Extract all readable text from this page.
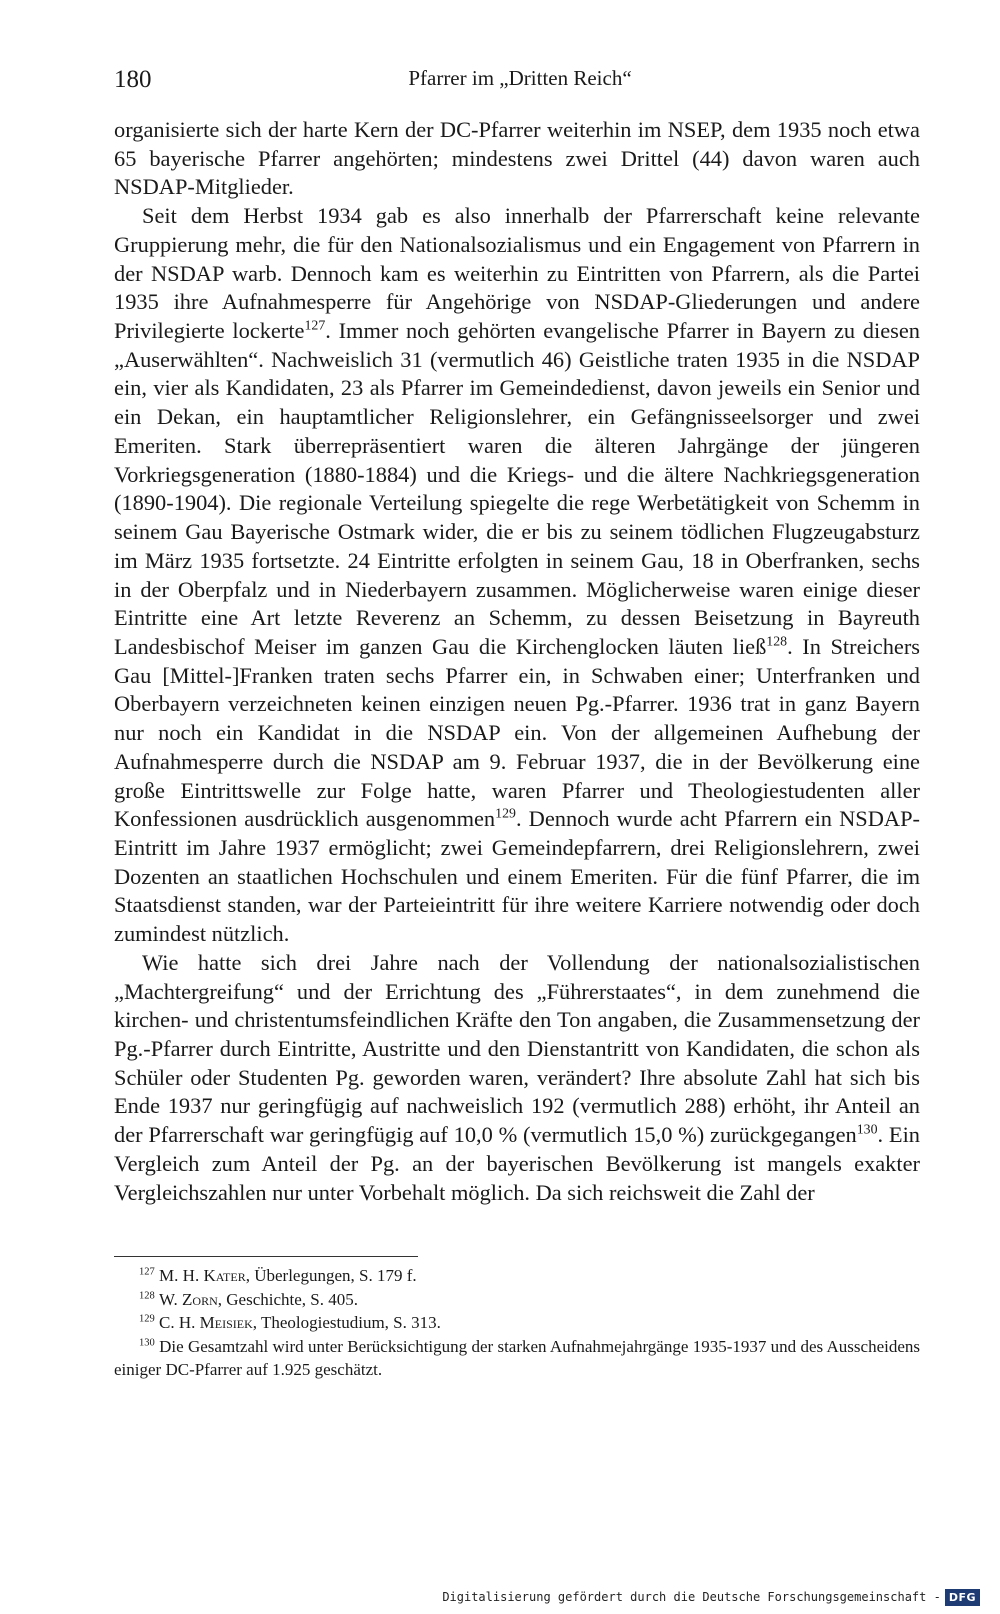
180	Pfarrer im „Dritten Reich“

organisierte sich der harte Kern der DC-Pfarrer weiterhin im NSEP, dem 1935 noch etwa 65 bayerische Pfarrer angehörten; mindestens zwei Drittel (44) davon waren auch NSDAP-Mitglieder.

Seit dem Herbst 1934 gab es also innerhalb der Pfarrerschaft keine relevante Gruppierung mehr, die für den Nationalsozialismus und ein Engagement von Pfarrern in der NSDAP warb. Dennoch kam es weiterhin zu Eintritten von Pfarrern, als die Partei 1935 ihre Aufnahmesperre für Angehörige von NSDAP-Gliederungen und andere Privilegierte lockerte$^{127}$. Immer noch gehörten evangelische Pfarrer in Bayern zu diesen „Auserwählten“. Nachweislich 31 (vermutlich 46) Geistliche traten 1935 in die NSDAP ein, vier als Kandidaten, 23 als Pfarrer im Gemeindedienst, davon jeweils ein Senior und ein Dekan, ein hauptamtlicher Religionslehrer, ein Gefängnisseelsorger und zwei Emeriten. Stark überrepräsentiert waren die älteren Jahrgänge der jüngeren Vorkriegsgeneration (1880-1884) und die Kriegs- und die ältere Nachkriegsgeneration (1890-1904). Die regionale Verteilung spiegelte die rege Werbetätigkeit von Schemm in seinem Gau Bayerische Ostmark wider, die er bis zu seinem tödlichen Flugzeugabsturz im März 1935 fortsetzte. 24 Eintritte erfolgten in seinem Gau, 18 in Oberfranken, sechs in der Oberpfalz und in Niederbayern zusammen. Möglicherweise waren einige dieser Eintritte eine Art letzte Reverenz an Schemm, zu dessen Beisetzung in Bayreuth Landesbischof Meiser im ganzen Gau die Kirchenglocken läuten ließ$^{128}$. In Streichers Gau [Mittel-]Franken traten sechs Pfarrer ein, in Schwaben einer; Unterfranken und Oberbayern verzeichneten keinen einzigen neuen Pg.-Pfarrer. 1936 trat in ganz Bayern nur noch ein Kandidat in die NSDAP ein. Von der allgemeinen Aufhebung der Aufnahmesperre durch die NSDAP am 9. Februar 1937, die in der Bevölkerung eine große Eintrittswelle zur Folge hatte, waren Pfarrer und Theologiestudenten aller Konfessionen ausdrücklich ausgenommen$^{129}$. Dennoch wurde acht Pfarrern ein NSDAP-Eintritt im Jahre 1937 ermöglicht; zwei Gemeindepfarrern, drei Religionslehrern, zwei Dozenten an staatlichen Hochschulen und einem Emeriten. Für die fünf Pfarrer, die im Staatsdienst standen, war der Parteieintritt für ihre weitere Karriere notwendig oder doch zumindest nützlich.

Wie hatte sich drei Jahre nach der Vollendung der nationalsozialistischen „Machtergreifung“ und der Errichtung des „Führerstaates“, in dem zunehmend die kirchen- und christentumsfeindlichen Kräfte den Ton angaben, die Zusammensetzung der Pg.-Pfarrer durch Eintritte, Austritte und den Dienstantritt von Kandidaten, die schon als Schüler oder Studenten Pg. geworden waren, verändert? Ihre absolute Zahl hat sich bis Ende 1937 nur geringfügig auf nachweislich 192 (vermutlich 288) erhöht, ihr Anteil an der Pfarrerschaft war geringfügig auf 10,0 % (vermutlich 15,0 %) zurückgegangen$^{130}$. Ein Vergleich zum Anteil der Pg. an der bayerischen Bevölkerung ist mangels exakter Vergleichszahlen nur unter Vorbehalt möglich. Da sich reichsweit die Zahl der

$^{127}$ M. H. Kater, Überlegungen, S. 179 f.

$^{128}$ W. Zorn, Geschichte, S. 405.

$^{129}$ C. H. Meisiek, Theologiestudium, S. 313.

$^{130}$ Die Gesamtzahl wird unter Berücksichtigung der starken Aufnahmejahrgänge 1935-1937 und des Ausscheidens einiger DC-Pfarrer auf 1.925 geschätzt.

Digitalisierung gefördert durch die Deutsche Forschungsgemeinschaft - DFG
